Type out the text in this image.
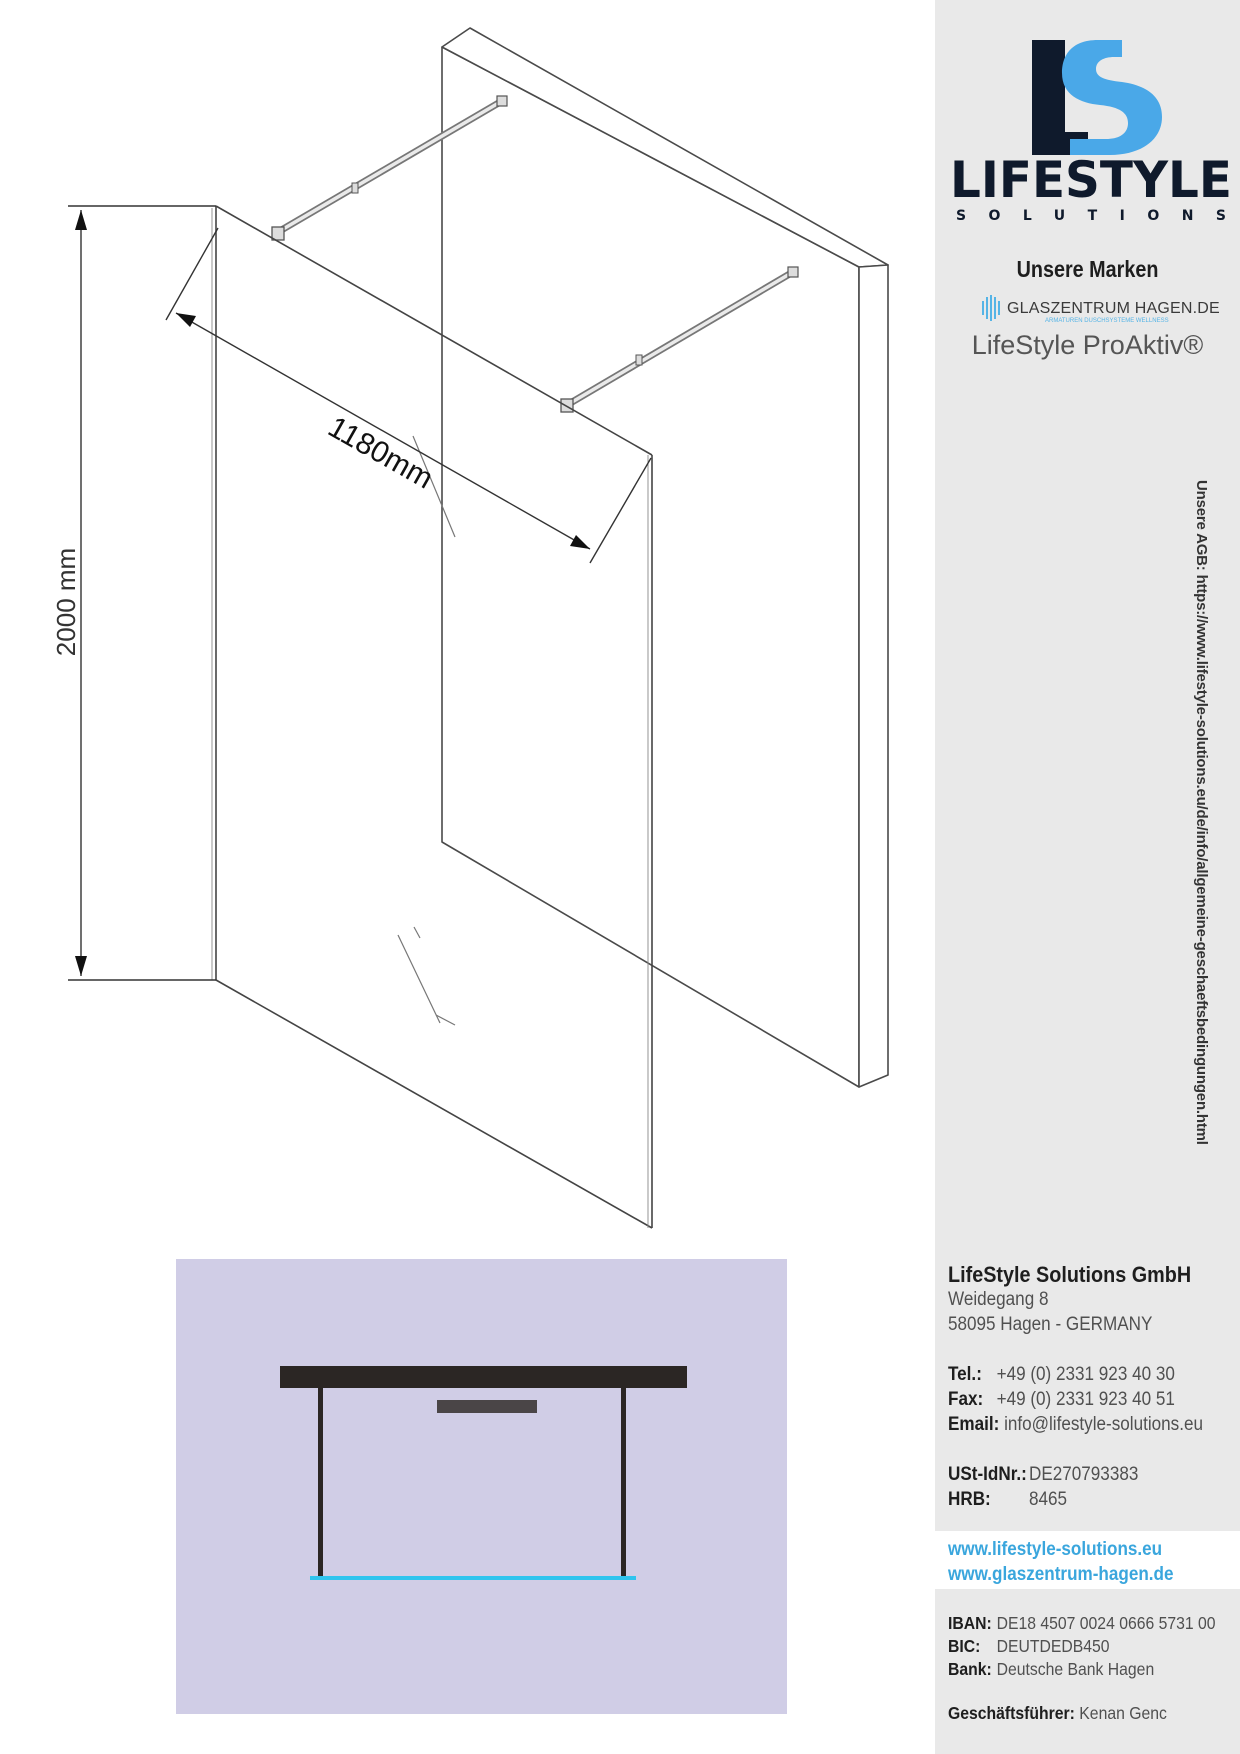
1180mm
2000 mm
LIFESTYLE
SOLUTIONS
Unsere Marken
GLASZENTRUM HAGEN.DE
ARMATUREN DUSCHSYSTEME WELLNESS
LifeStyle ProAktiv®
LifeStyle Solutions GmbH
Weidegang 8
58095 Hagen - GERMANY
Tel.: +49 (0) 2331 923 40 30
Fax: +49 (0) 2331 923 40 51
Email: info@lifestyle-solutions.eu
USt-IdNr.: DE270793383
HRB: 8465
www.lifestyle-solutions.eu
www.glaszentrum-hagen.de
IBAN: DE18 4507 0024 0666 5731 00
BIC: DEUTDEDB450
Bank: Deutsche Bank Hagen
Geschäftsführer: Kenan Genc
Unsere AGB: https://www.lifestyle-solutions.eu/de/info/allgemeine-geschaeftsbedingungen.html
